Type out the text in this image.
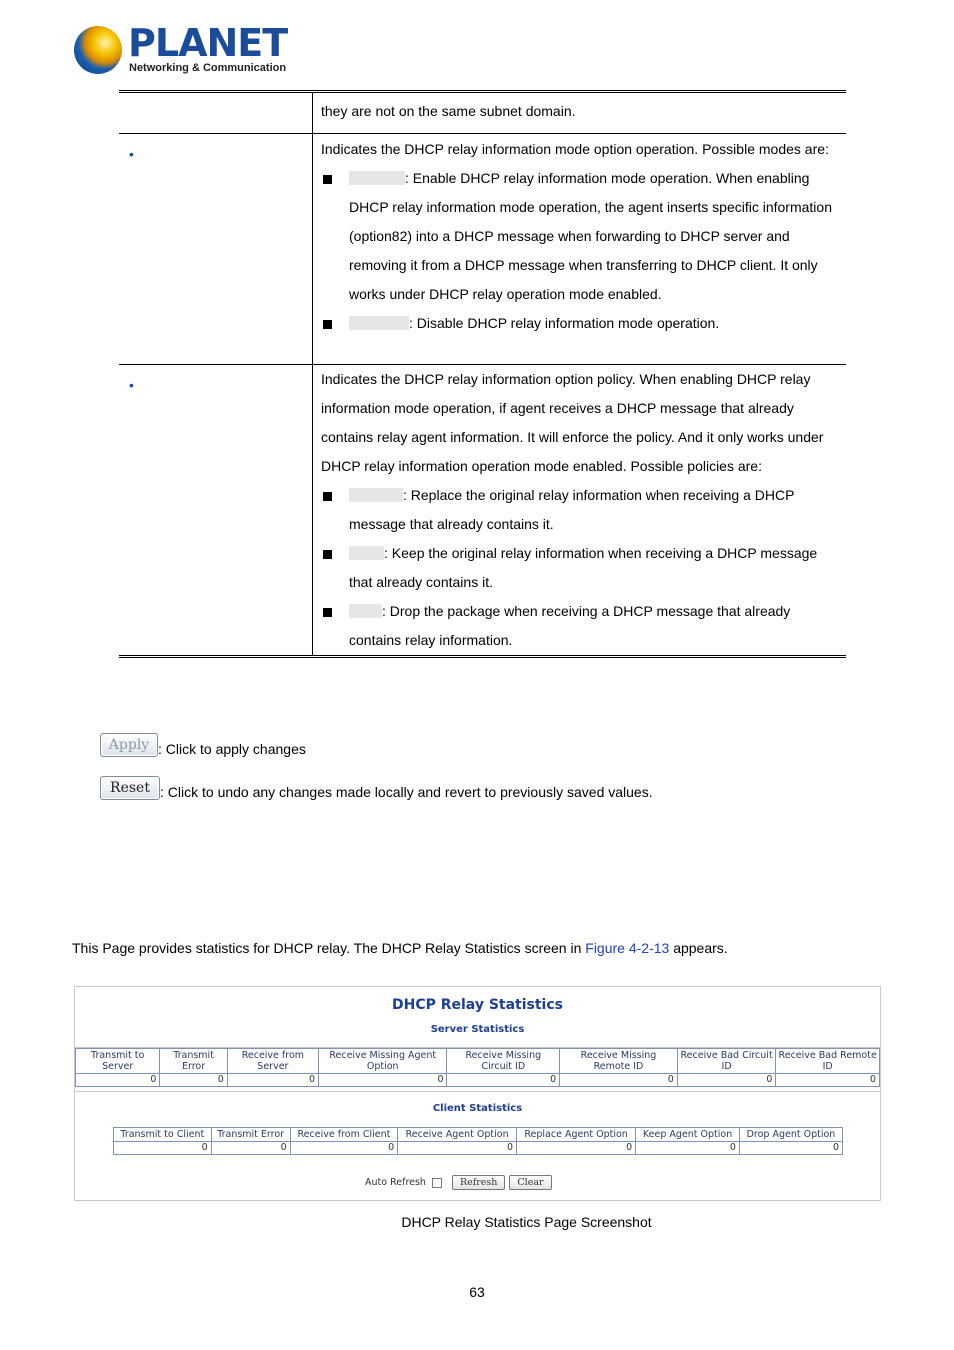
PLANET
Networking & Communication
they are not on the same subnet domain.
•	Indicates the DHCP relay information mode option operation. Possible modes are:
: Enable DHCP relay information mode operation. When enabling DHCP relay information mode operation, the agent inserts specific information (option82) into a DHCP message when forwarding to DHCP server and removing it from a DHCP message when transferring to DHCP client. It only works under DHCP relay operation mode enabled.
: Disable DHCP relay information mode operation.
•	Indicates the DHCP relay information option policy. When enabling DHCP relay information mode operation, if agent receives a DHCP message that already contains relay agent information. It will enforce the policy. And it only works under DHCP relay information operation mode enabled. Possible policies are:
: Replace the original relay information when receiving a DHCP message that already contains it.
: Keep the original relay information when receiving a DHCP message that already contains it.
: Drop the package when receiving a DHCP message that already contains relay information.
Apply : Click to apply changes
Reset : Click to undo any changes made locally and revert to previously saved values.
This Page provides statistics for DHCP relay. The DHCP Relay Statistics screen in Figure 4-2-13 appears.
DHCP Relay Statistics
Server Statistics
Transmit to Server	Transmit Error	Receive from Server	Receive Missing Agent Option	Receive Missing Circuit ID	Receive Missing Remote ID	Receive Bad Circuit ID	Receive Bad Remote ID
0	0	0	0	0	0	0	0
Client Statistics
Transmit to Client	Transmit Error	Receive from Client	Receive Agent Option	Replace Agent Option	Keep Agent Option	Drop Agent Option
0	0	0	0	0	0	0
Auto Refresh	Refresh Clear
DHCP Relay Statistics Page Screenshot
63
